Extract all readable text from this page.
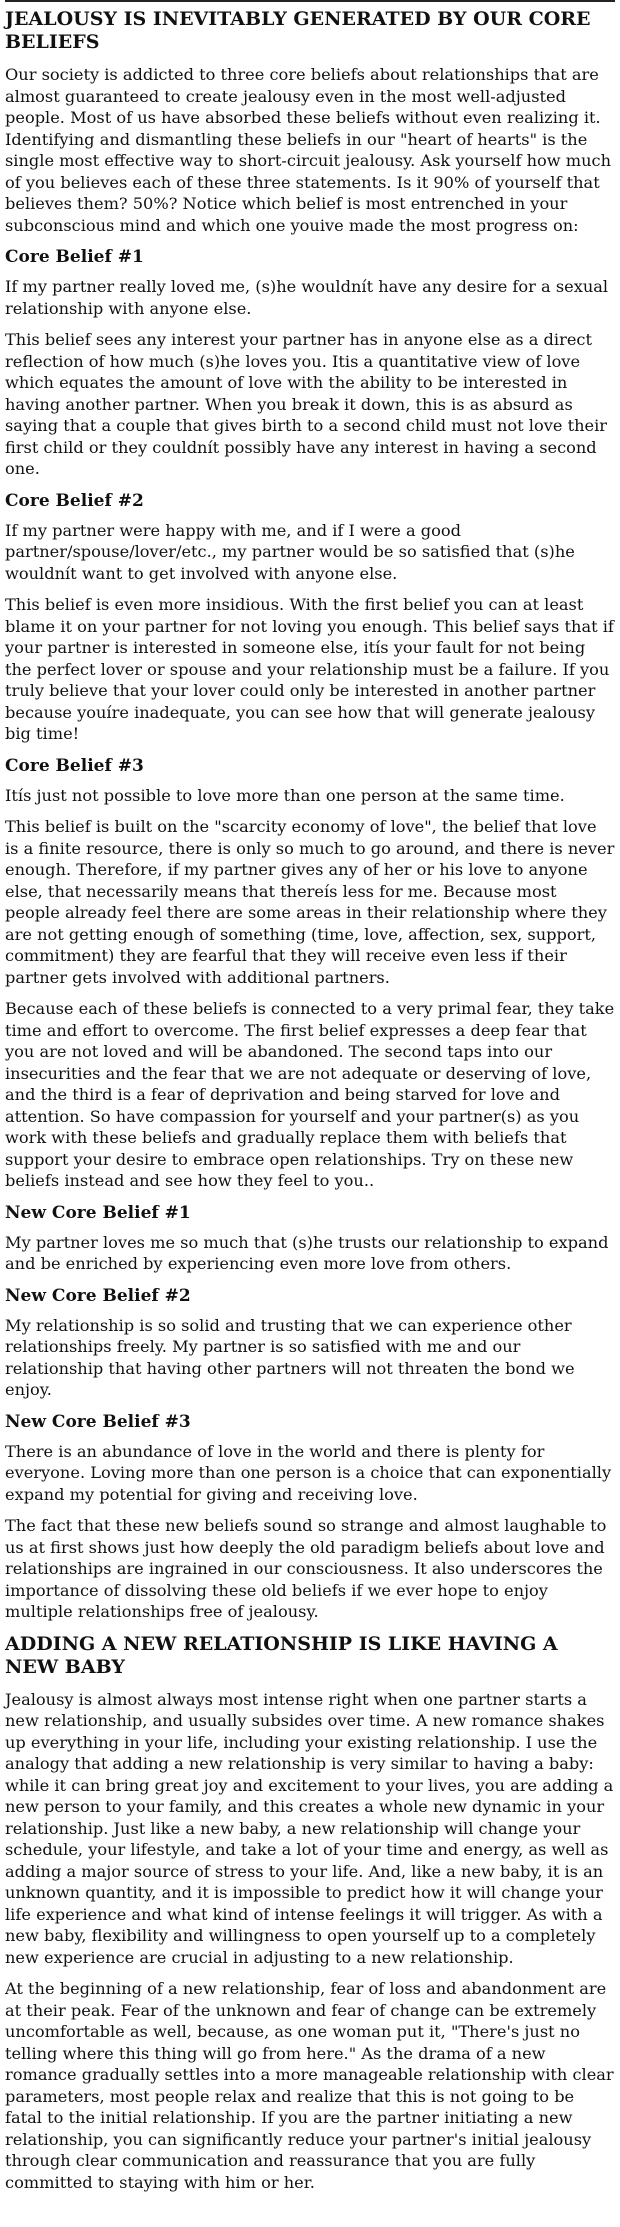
JEALOUSY IS INEVITABLY GENERATED BY OUR CORE BELIEFS

Our society is addicted to three core beliefs about relationships that are almost guaranteed to create jealousy even in the most well-adjusted people. Most of us have absorbed these beliefs without even realizing it. Identifying and dismantling these beliefs in our "heart of hearts" is the single most effective way to short-circuit jealousy. Ask yourself how much of you believes each of these three statements. Is it 90% of yourself that believes them? 50%? Notice which belief is most entrenched in your subconscious mind and which one youive made the most progress on:

Core Belief #1

If my partner really loved me, (s)he wouldnít have any desire for a sexual relationship with anyone else.

This belief sees any interest your partner has in anyone else as a direct reflection of how much (s)he loves you. Itis a quantitative view of love which equates the amount of love with the ability to be interested in having another partner. When you break it down, this is as absurd as saying that a couple that gives birth to a second child must not love their first child or they couldnít possibly have any interest in having a second one.

Core Belief #2

If my partner were happy with me, and if I were a good partner/spouse/lover/etc., my partner would be so satisfied that (s)he wouldnít want to get involved with anyone else.

This belief is even more insidious. With the first belief you can at least blame it on your partner for not loving you enough. This belief says that if your partner is interested in someone else, itís your fault for not being the perfect lover or spouse and your relationship must be a failure. If you truly believe that your lover could only be interested in another partner because youíre inadequate, you can see how that will generate jealousy big time!

Core Belief #3

Itís just not possible to love more than one person at the same time.

This belief is built on the "scarcity economy of love", the belief that love is a finite resource, there is only so much to go around, and there is never enough. Therefore, if my partner gives any of her or his love to anyone else, that necessarily means that thereís less for me. Because most people already feel there are some areas in their relationship where they are not getting enough of something (time, love, affection, sex, support, commitment) they are fearful that they will receive even less if their partner gets involved with additional partners.

Because each of these beliefs is connected to a very primal fear, they take time and effort to overcome. The first belief expresses a deep fear that you are not loved and will be abandoned. The second taps into our insecurities and the fear that we are not adequate or deserving of love, and the third is a fear of deprivation and being starved for love and attention. So have compassion for yourself and your partner(s) as you work with these beliefs and gradually replace them with beliefs that support your desire to embrace open relationships. Try on these new beliefs instead and see how they feel to you..

New Core Belief #1

My partner loves me so much that (s)he trusts our relationship to expand and be enriched by experiencing even more love from others.

New Core Belief #2

My relationship is so solid and trusting that we can experience other relationships freely. My partner is so satisfied with me and our relationship that having other partners will not threaten the bond we enjoy.

New Core Belief #3

There is an abundance of love in the world and there is plenty for everyone. Loving more than one person is a choice that can exponentially expand my potential for giving and receiving love.

The fact that these new beliefs sound so strange and almost laughable to us at first shows just how deeply the old paradigm beliefs about love and relationships are ingrained in our consciousness. It also underscores the importance of dissolving these old beliefs if we ever hope to enjoy multiple relationships free of jealousy.

ADDING A NEW RELATIONSHIP IS LIKE HAVING A NEW BABY

Jealousy is almost always most intense right when one partner starts a new relationship, and usually subsides over time. A new romance shakes up everything in your life, including your existing relationship. I use the analogy that adding a new relationship is very similar to having a baby: while it can bring great joy and excitement to your lives, you are adding a new person to your family, and this creates a whole new dynamic in your relationship. Just like a new baby, a new relationship will change your schedule, your lifestyle, and take a lot of your time and energy, as well as adding a major source of stress to your life. And, like a new baby, it is an unknown quantity, and it is impossible to predict how it will change your life experience and what kind of intense feelings it will trigger. As with a new baby, flexibility and willingness to open yourself up to a completely new experience are crucial in adjusting to a new relationship.

At the beginning of a new relationship, fear of loss and abandonment are at their peak. Fear of the unknown and fear of change can be extremely uncomfortable as well, because, as one woman put it, "There's just no telling where this thing will go from here." As the drama of a new romance gradually settles into a more manageable relationship with clear parameters, most people relax and realize that this is not going to be fatal to the initial relationship. If you are the partner initiating a new relationship, you can significantly reduce your partner's initial jealousy through clear communication and reassurance that you are fully committed to staying with him or her.
